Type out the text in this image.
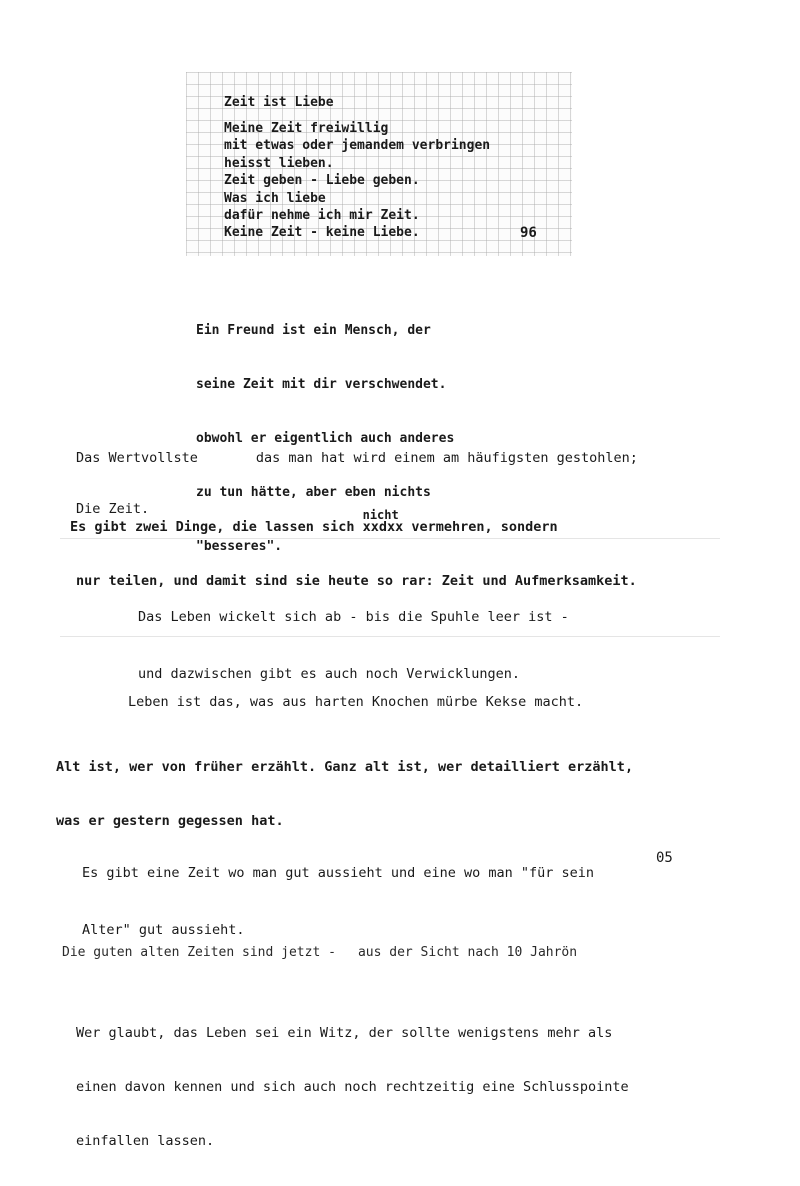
Zeit ist Liebe
Meine Zeit freiwillig
mit etwas oder jemandem verbringen
heisst lieben.
Zeit geben - Liebe geben.
Was ich liebe
dafür nehme ich mir Zeit.
Keine Zeit - keine Liebe.	96

Ein Freund ist ein Mensch, der

seine Zeit mit dir verschwendet.

obwohl er eigentlich auch anderes

zu tun hätte, aber eben nichts

"besseres".

Das Wertvollste	das man hat wird einem am häufigsten gestohlen;

Die Zeit.

Es gibt zwei Dinge, die lassen sich
nicht
xxdxx vermehren, sondern

nur teilen, und damit sind sie heute so rar: Zeit und Aufmerksamkeit.

Das Leben wickelt sich ab - bis die Spuhle leer ist -

und dazwischen gibt es auch noch Verwicklungen.

Leben ist das, was aus harten Knochen mürbe Kekse macht.

Alt ist, wer von früher erzählt. Ganz alt ist, wer detailliert erzählt,

was er gestern gegessen hat.

Es gibt eine Zeit wo man gut aussieht und eine wo man "für sein

Alter" gut aussieht.

05

Die guten alten Zeiten sind jetzt - aus der Sicht nach 10 Jahrön

Wer glaubt, das Leben sei ein Witz, der sollte wenigstens mehr als

einen davon kennen und sich auch noch rechtzeitig eine Schlusspointe

einfallen lassen.
